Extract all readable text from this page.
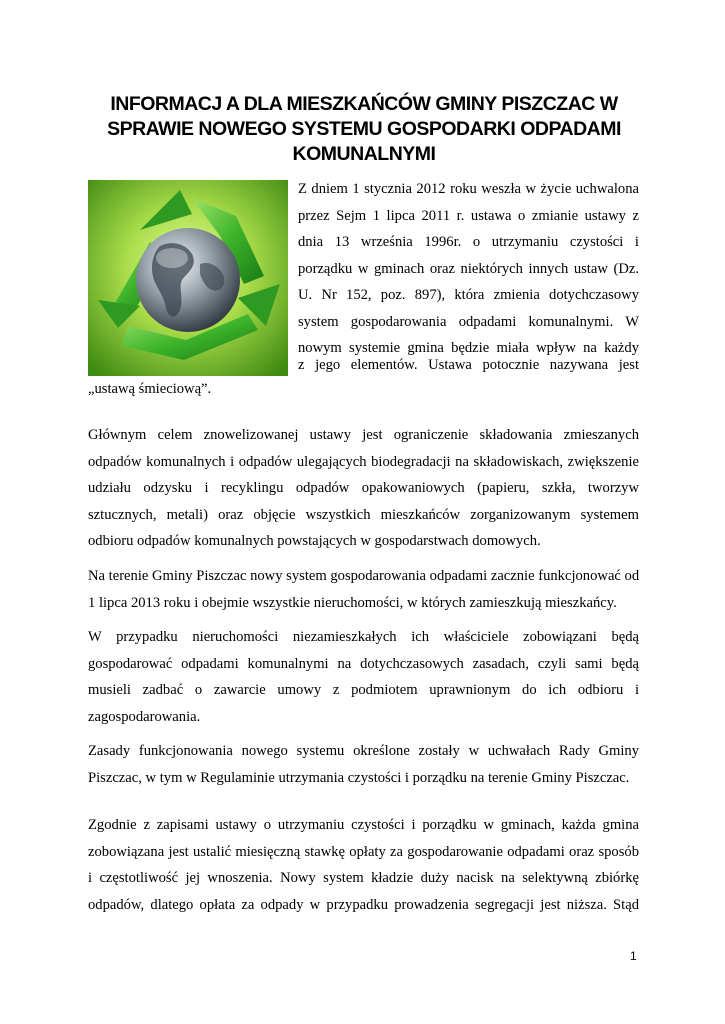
INFORMACJ A DLA MIESZKAŃCÓW GMINY PISZCZAC W
SPRAWIE NOWEGO SYSTEMU GOSPODARKI ODPADAMI
KOMUNALNYMI
Z dniem 1 stycznia 2012 roku weszła w życie uchwalona
przez Sejm 1 lipca 2011 r. ustawa o zmianie ustawy z
dnia 13 września 1996r. o utrzymaniu czystości i
porządku w gminach oraz niektórych innych ustaw (Dz.
U. Nr 152, poz. 897), która zmienia dotychczasowy
system gospodarowania odpadami komunalnymi. W
nowym systemie gmina będzie miała wpływ na każdy
z jego elementów. Ustawa potocznie nazywana jest
„ustawą śmieciową”.
Głównym celem znowelizowanej ustawy jest ograniczenie składowania zmieszanych
odpadów komunalnych i odpadów ulegających biodegradacji na składowiskach, zwiększenie
udziału odzysku i recyklingu odpadów opakowaniowych (papieru, szkła, tworzyw
sztucznych, metali) oraz objęcie wszystkich mieszkańców zorganizowanym systemem
odbioru odpadów komunalnych powstających w gospodarstwach domowych.
Na terenie Gminy Piszczac nowy system gospodarowania odpadami zacznie funkcjonować od
1 lipca 2013 roku i obejmie wszystkie nieruchomości, w których zamieszkują mieszkańcy.
W przypadku nieruchomości niezamieszkałych ich właściciele zobowiązani będą
gospodarować odpadami komunalnymi na dotychczasowych zasadach, czyli sami będą
musieli zadbać o zawarcie umowy z podmiotem uprawnionym do ich odbioru i
zagospodarowania.
Zasady funkcjonowania nowego systemu określone zostały w uchwałach Rady Gminy
Piszczac, w tym w Regulaminie utrzymania czystości i porządku na terenie Gminy Piszczac.
Zgodnie z zapisami ustawy o utrzymaniu czystości i porządku w gminach, każda gmina
zobowiązana jest ustalić miesięczną stawkę opłaty za gospodarowanie odpadami oraz sposób
i częstotliwość jej wnoszenia. Nowy system kładzie duży nacisk na selektywną zbiórkę
odpadów, dlatego opłata za odpady w przypadku prowadzenia segregacji jest niższa. Stąd
1
